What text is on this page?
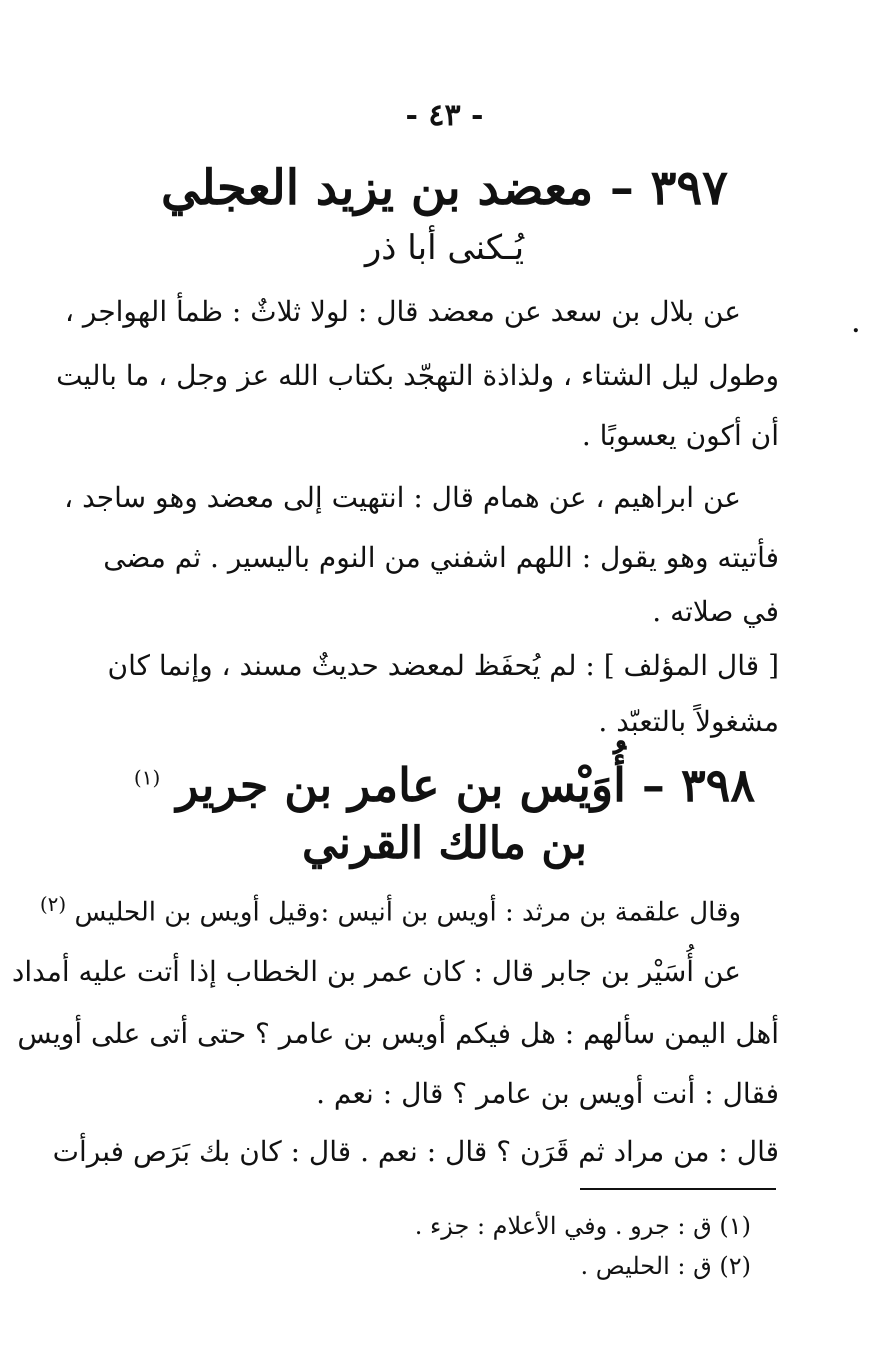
- ٤٣ -
٣٩٧ – معضد بن يزيد العجلي
يُـكنى أبا ذر
.
عن بلال بن سعد عن معضد قال : لولا ثلاثٌ : ظمأ الهواجر ،
وطول ليل الشتاء ، ولذاذة التهجّد بكتاب الله عز وجل ، ما باليت
أن أكون يعسوبًا .
عن ابراهيم ، عن همام قال : انتهيت إلى معضد وهو ساجد ،
فأتيته وهو يقول : اللهم اشفني من النوم باليسير . ثم مضى
في صلاته .
[ قال المؤلف ] : لم يُحفَظ لمعضد حديثٌ مسند ، وإنما كان
مشغولاً بالتعبّد .
٣٩٨ – أُوَيْس بن عامر بن جرير $^{(١)}$
بن مالك القرني
وقال علقمة بن مرثد : أويس بن أنيس :وقيل أويس بن الحليس $^{(٢)}$
عن أُسَيْر بن جابر قال : كان عمر بن الخطاب إذا أتت عليه أمداد
أهل اليمن سألهم : هل فيكم أويس بن عامر ؟ حتى أتى على أويس
فقال : أنت أويس بن عامر ؟ قال : نعم .
قال : من مراد ثم قَرَن ؟ قال : نعم . قال : كان بك بَرَص فبرأت
(١) ق : جرو . وفي الأعلام : جزء .
(٢) ق : الحليص .
